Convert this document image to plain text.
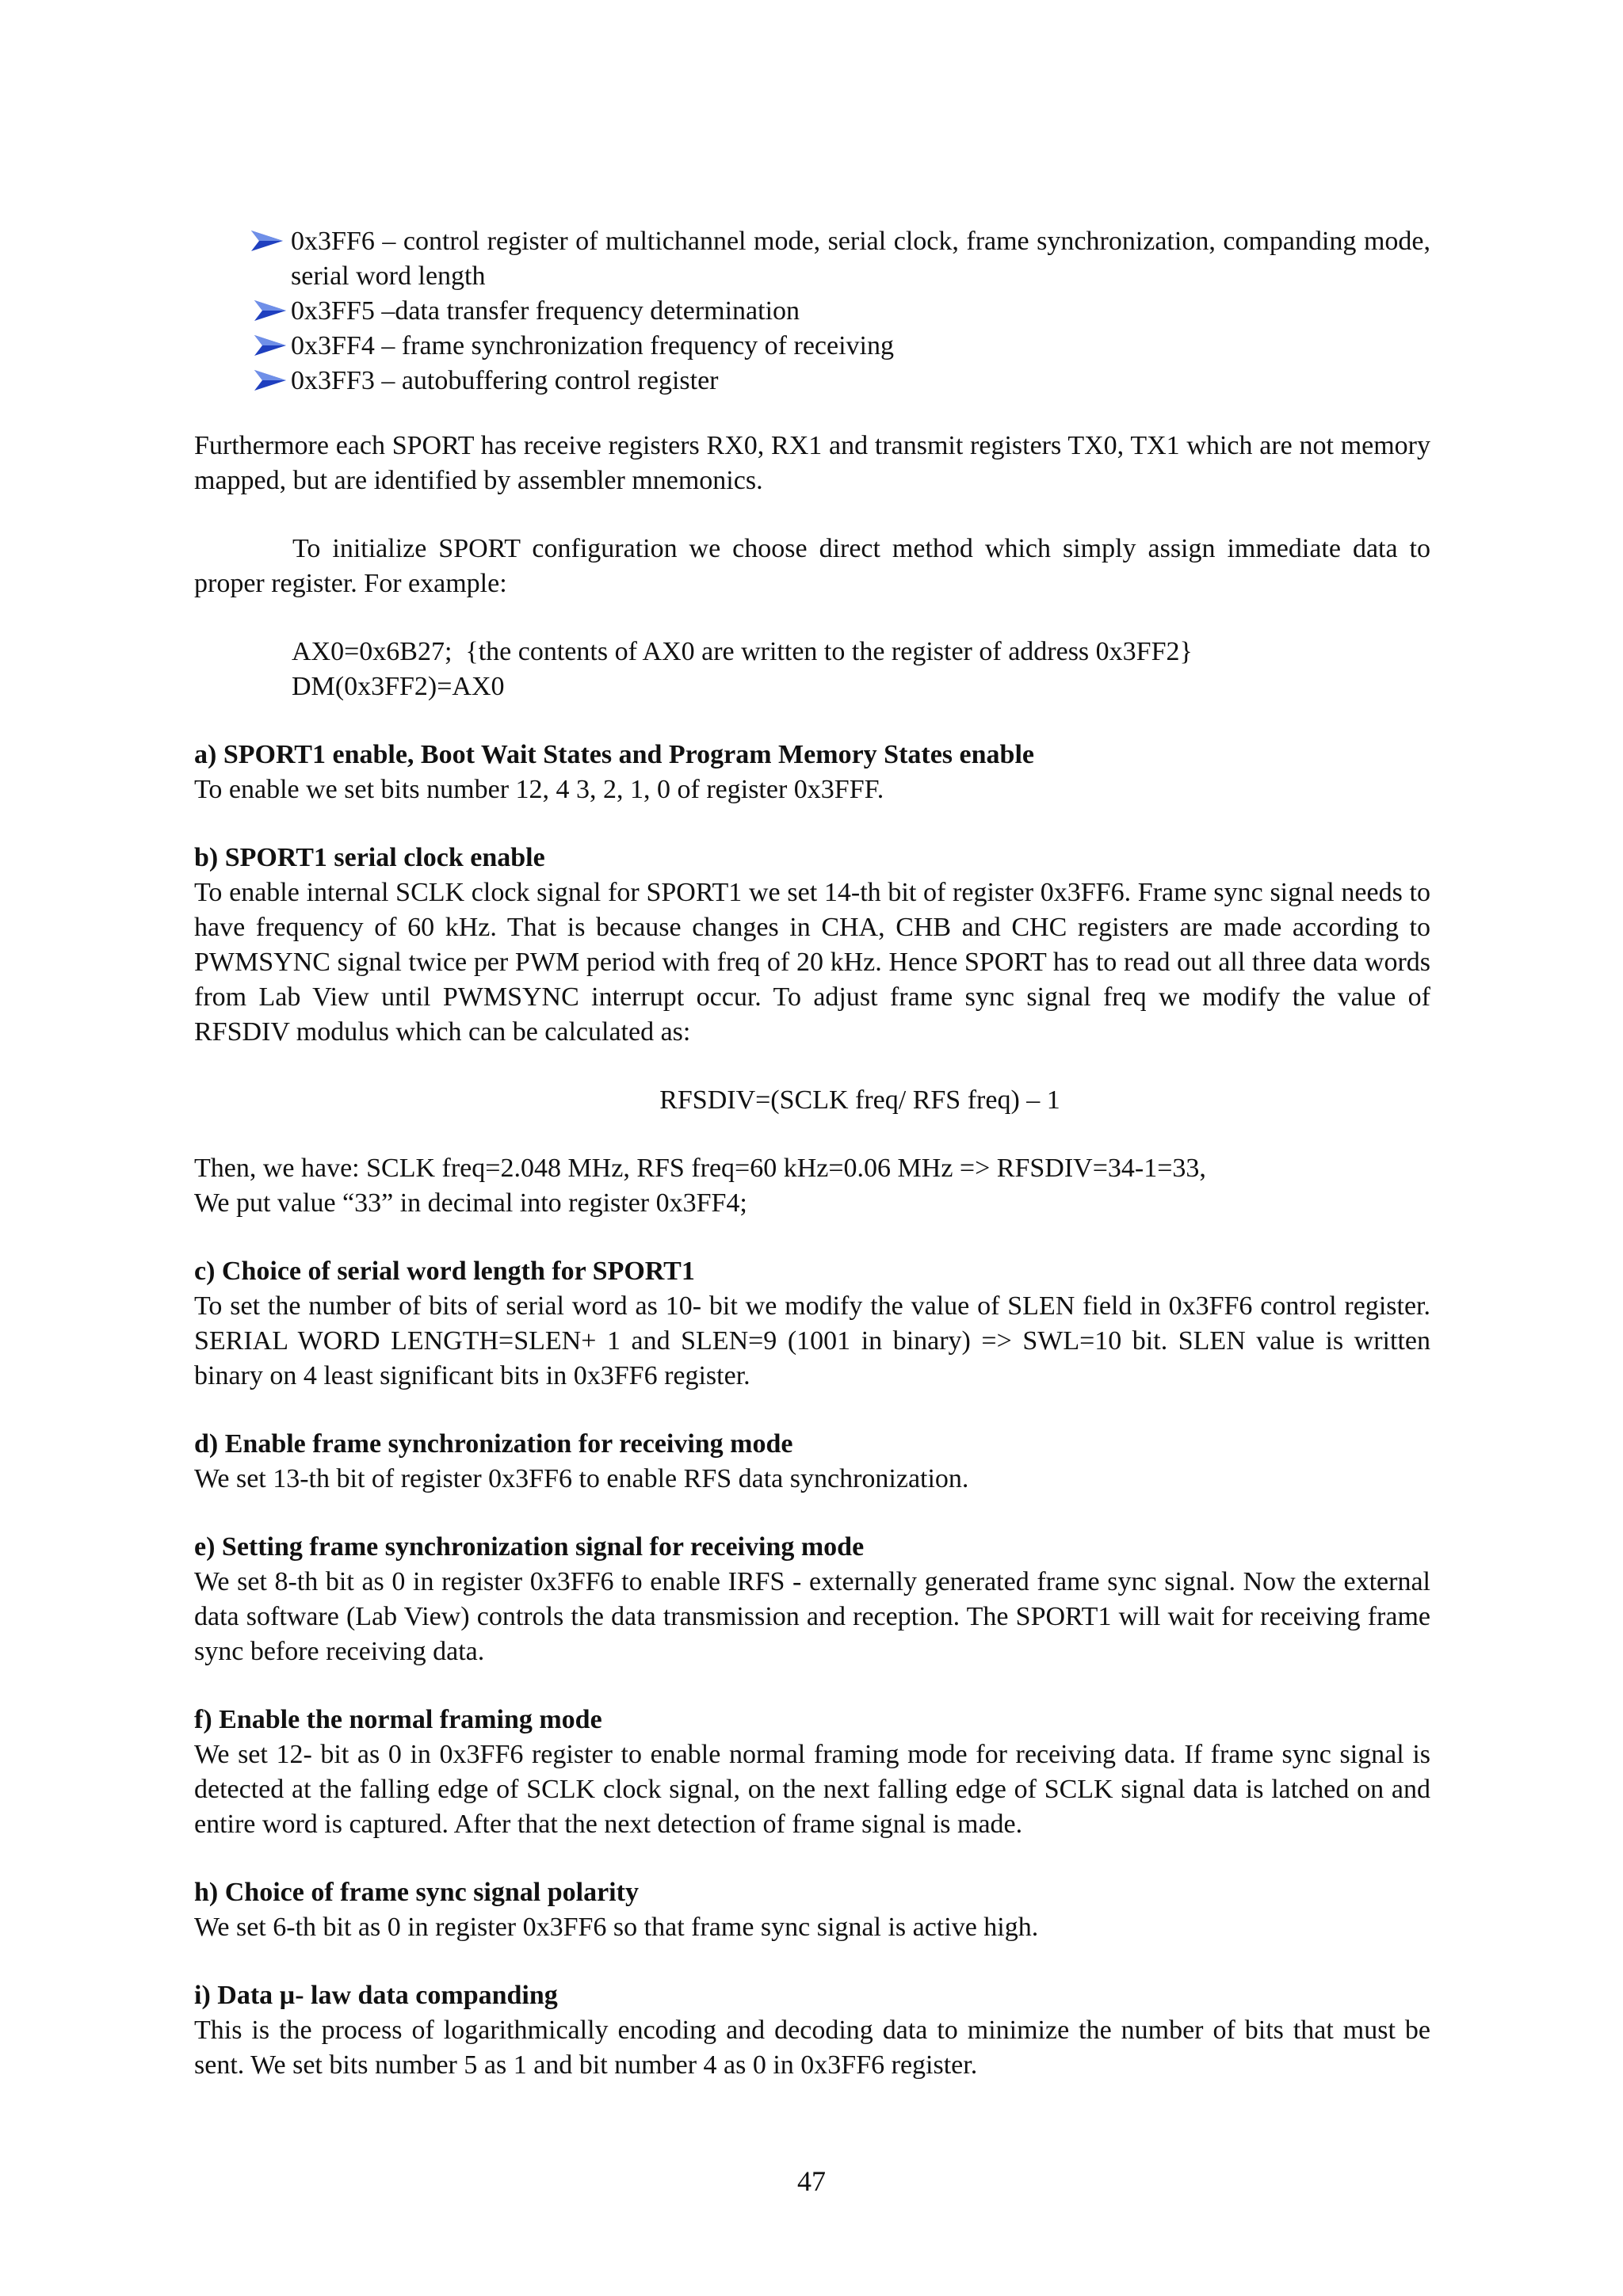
0x3FF6 – control register of multichannel mode, serial clock, frame synchronization, companding mode, serial word length
0x3FF5 –data transfer frequency determination
0x3FF4 – frame synchronization frequency of receiving
0x3FF3 – autobuffering control register

Furthermore each SPORT has receive registers RX0, RX1 and transmit registers TX0, TX1 which are not memory mapped, but are identified by assembler mnemonics.

To initialize SPORT configuration we choose direct method which simply assign immediate data to proper register. For example:

AX0=0x6B27;  {the contents of AX0 are written to the register of address 0x3FF2}
DM(0x3FF2)=AX0
a) SPORT1 enable, Boot Wait States and Program Memory States enable

To enable we set bits number 12, 4 3, 2, 1, 0 of register 0x3FFF.

b) SPORT1 serial clock enable

To enable internal SCLK clock signal for SPORT1 we set 14-th bit of register 0x3FF6. Frame sync signal needs to have frequency of 60 kHz. That is because changes in CHA, CHB and CHC registers are made according to PWMSYNC signal twice per PWM period with freq of 20 kHz. Hence SPORT has to read out all three data words from Lab View until PWMSYNC interrupt occur. To adjust frame sync signal freq we modify the value of RFSDIV modulus which can be calculated as:

RFSDIV=(SCLK freq/ RFS freq) – 1
Then, we have: SCLK freq=2.048 MHz, RFS freq=60 kHz=0.06 MHz => RFSDIV=34-1=33,
We put value “33” in decimal into register 0x3FF4;
c) Choice of serial word length for SPORT1

To set the number of bits of serial word as 10- bit we modify the value of SLEN field in 0x3FF6 control register. SERIAL WORD LENGTH=SLEN+ 1 and SLEN=9 (1001 in binary) => SWL=10 bit. SLEN value is written binary on 4 least significant bits in 0x3FF6 register.

d) Enable frame synchronization for receiving mode

We set 13-th bit of register 0x3FF6 to enable RFS data synchronization.

e) Setting frame synchronization signal for receiving mode

We set 8-th bit as 0 in register 0x3FF6 to enable IRFS - externally generated frame sync signal. Now the external data software (Lab View) controls the data transmission and reception. The SPORT1 will wait for receiving frame sync before receiving data.

f) Enable the normal framing mode

We set 12- bit as 0 in 0x3FF6 register to enable normal framing mode for receiving data. If frame sync signal is detected at the falling edge of SCLK clock signal, on the next falling edge of SCLK signal data is latched on and entire word is captured. After that the next detection of frame signal is made.

h) Choice of frame sync signal polarity

We set 6-th bit as 0 in register 0x3FF6 so that frame sync signal is active high.

i) Data µ- law data companding

This is the process of logarithmically encoding and decoding data to minimize the number of bits that must be sent. We set bits number 5 as 1 and bit number 4 as 0 in 0x3FF6 register.

47
